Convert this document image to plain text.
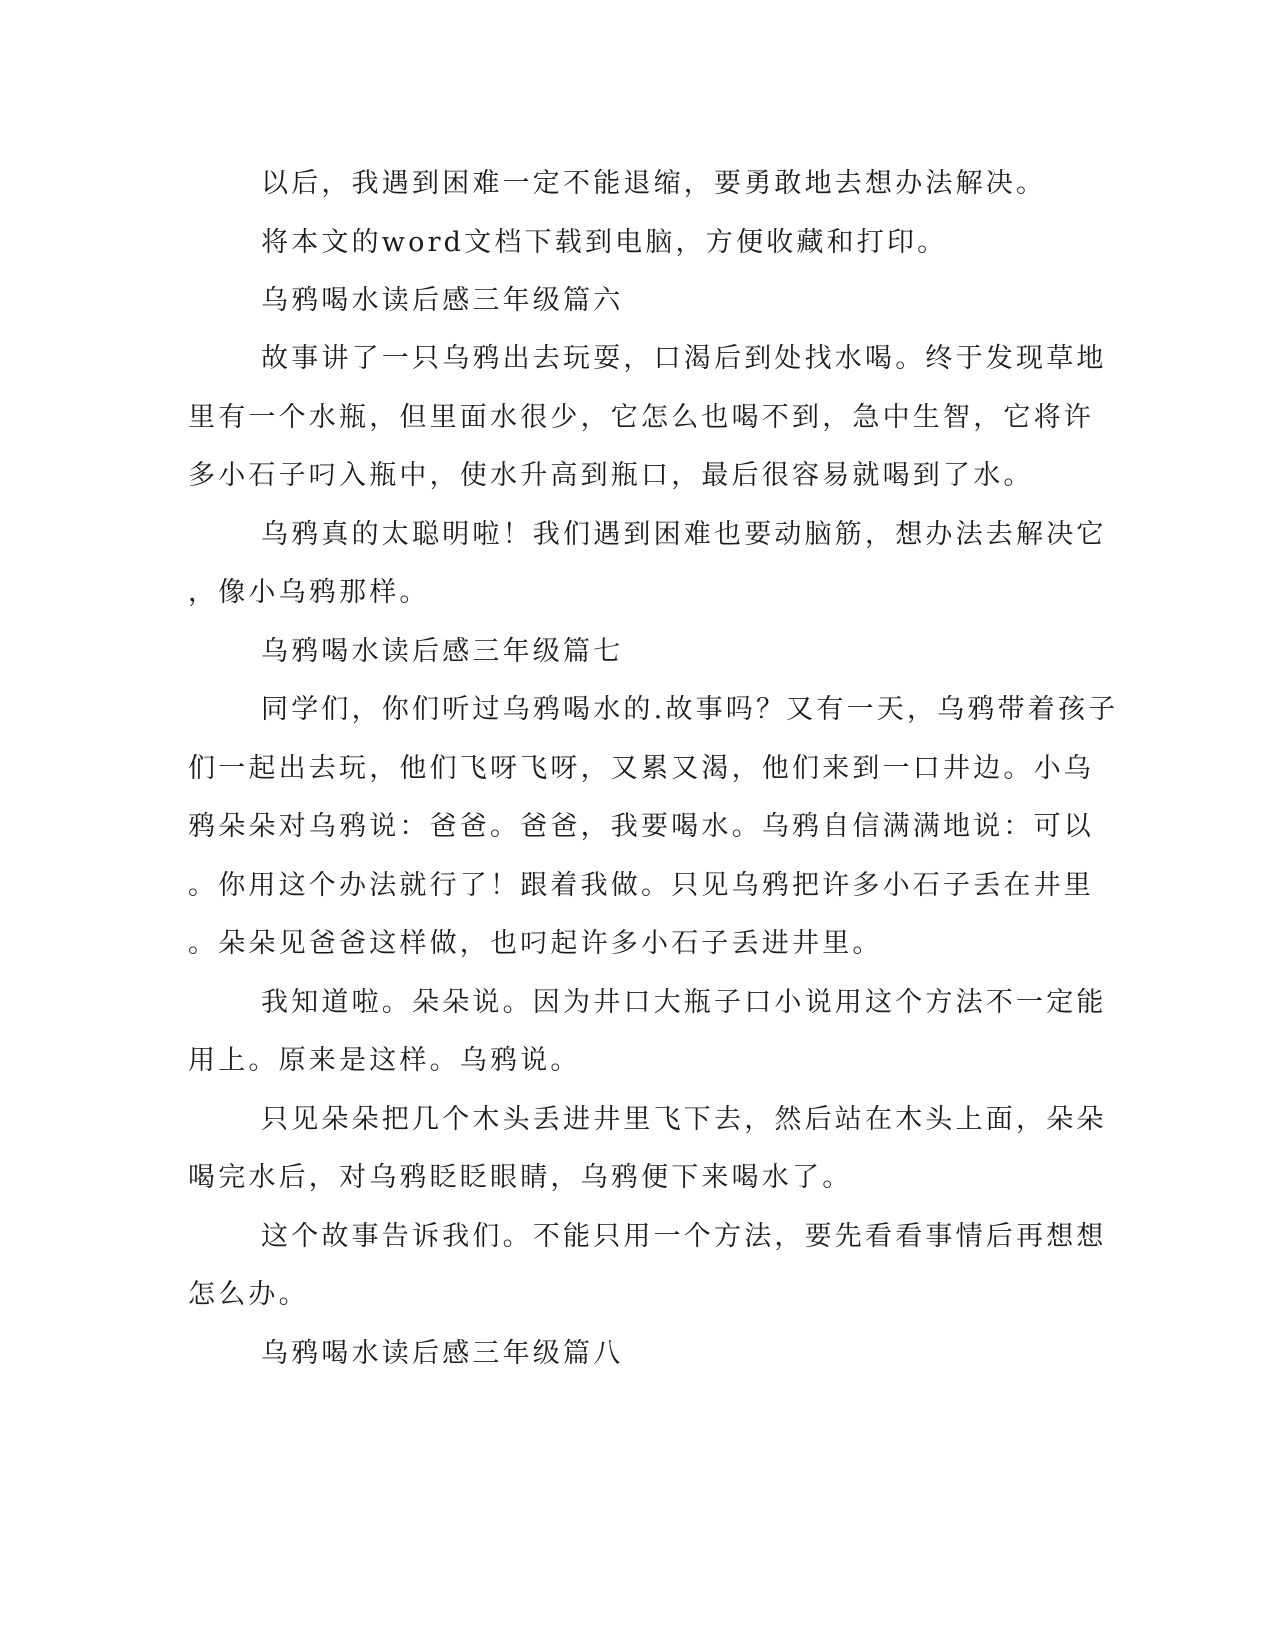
以后，我遇到困难一定不能退缩，要勇敢地去想办法解决。
将本文的word文档下载到电脑，方便收藏和打印。
乌鸦喝水读后感三年级篇六
故事讲了一只乌鸦出去玩耍，口渴后到处找水喝。终于发现草地
里有一个水瓶，但里面水很少，它怎么也喝不到，急中生智，它将许
多小石子叼入瓶中，使水升高到瓶口，最后很容易就喝到了水。
乌鸦真的太聪明啦！我们遇到困难也要动脑筋，想办法去解决它
，像小乌鸦那样。
乌鸦喝水读后感三年级篇七
同学们，你们听过乌鸦喝水的.故事吗？又有一天，乌鸦带着孩子
们一起出去玩，他们飞呀飞呀，又累又渴，他们来到一口井边。小乌
鸦朵朵对乌鸦说：爸爸。爸爸，我要喝水。乌鸦自信满满地说：可以
。你用这个办法就行了！跟着我做。只见乌鸦把许多小石子丢在井里
。朵朵见爸爸这样做，也叼起许多小石子丢进井里。
我知道啦。朵朵说。因为井口大瓶子口小说用这个方法不一定能
用上。原来是这样。乌鸦说。
只见朵朵把几个木头丢进井里飞下去，然后站在木头上面，朵朵
喝完水后，对乌鸦眨眨眼睛，乌鸦便下来喝水了。
这个故事告诉我们。不能只用一个方法，要先看看事情后再想想
怎么办。
乌鸦喝水读后感三年级篇八
